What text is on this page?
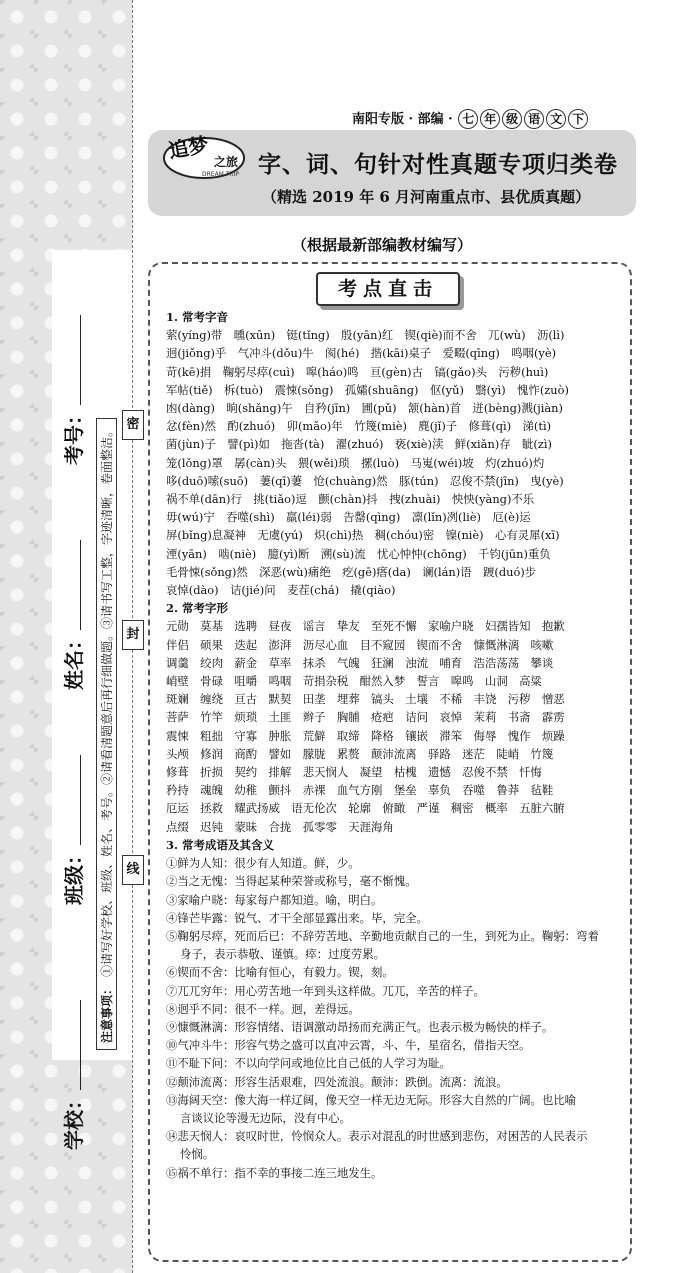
考号：
姓名：
班级：
学校：
注意事项：①请写好学校、班级、姓名、考号。②请看清题意后再行细做题。③请书写工整，字迹清晰，卷面整洁。
密
封
线
南阳专版 · 部编 · 七 年 级 语 文 下
追梦 之旅
DREAM TRIP 字、词、句针对性真题专项归类卷
（精选 2019 年 6 月河南重点市、县优质真题）
（根据最新部编教材编写）
考点直击
1. 常考字音
萦(yíng)带　曛(xūn)　铤(tǐng)　殷(yān)红　锲(qiè)而不舍　兀(wù)　沥(lì)
迥(jiǒng)乎　气冲斗(dǒu)牛　阂(hé)　揩(kāi)桌子　爱畷(qīng)　鸣咽(yè)
苛(kē)捐　鞠躬尽瘁(cuì)　嗥(háo)鸣　亘(gèn)古　镐(gǎo)头　污秽(huì)
军帖(tiě)　柝(tuò)　震悚(sǒng)　孤孀(shuāng)　伛(yǔ)　翳(yì)　愧怍(zuò)
凼(dàng)　晌(shǎng)午　自矜(jīn)　圃(pǔ)　颔(hàn)首　迸(bèng)溅(jiàn)
忿(fèn)然　酌(zhuó)　卯(mǎo)年　竹篾(miè)　麂(jǐ)子　修葺(qì)　涕(tì)
菌(jùn)子　譬(pì)如　拖沓(tà)　濯(zhuó)　亵(xiè)渎　鲜(xiǎn)存　眦(zì)
笼(lǒng)罩　孱(càn)头　猥(wěi)琐　摞(luò)　马嵬(wéi)坡　灼(zhuó)灼
哆(duō)嗦(suō)　萋(qī)萋　怆(chuàng)然　豚(tún)　忍俊不禁(jīn)　曳(yè)
祸不单(dān)行　挑(tiǎo)逗　颤(chàn)抖　拽(zhuài)　怏怏(yàng)不乐
毋(wú)宁　吞噬(shì)　羸(léi)弱　告罄(qìng)　凛(lǐn)冽(liè)　厄(è)运
屏(bǐng)息凝神　无虞(yú)　炽(chì)热　稠(chóu)密　镍(niè)　心有灵犀(xī)
湮(yān)　啮(niè)　臆(yì)断　溯(sù)流　忧心忡忡(chōng)　千钧(jūn)重负
毛骨悚(sǒng)然　深恶(wù)痛绝　疙(gē)瘩(da)　谰(lán)语　踱(duó)步
哀悼(dào)　诘(jié)问　麦茬(chá)　撬(qiào)
2. 常考字形
元勋　莫基　选聘　昼夜　谣言　挚友　至死不懈　家喻户晓　妇孺皆知　抱歉
伴侣　硕果　迭起　澎湃　沥尽心血　目不窥园　锲而不舍　慷慨淋漓　咳嗽
调羹　绞肉　薪金　草率　抹杀　气魄　狂澜　浊流　哺育　浩浩荡荡　攀谈
峭壁　骨碌　咀嚼　鸣咽　苛捐杂税　酣然入梦　誓言　嗥鸣　山洞　高粱
斑斓　缠绕　亘古　默契　田垄　埋葬　镐头　土壤　不稀　丰饶　污秽　憎恶
菩萨　竹竿　烦琐　土匪　辫子　胸脯　疮疤　诘问　哀悼　茉莉　书斋　霹雳
震悚　粗拙　守寡　肿胀　荒僻　取缔　降格　镶嵌　滞笨　侮辱　愧作　烦躁
头颅　修润　商酌　譬如　朦胧　累赘　颠沛流离　驿路　迷茫　陡峭　竹篾
修葺　折损　契约　排解　悲天悯人　凝望　枯槐　遗憾　忍俊不禁　忏悔
矜持　魂魄　幼稚　颤抖　赤裸　血气方刚　堡垒　辜负　吞噬　鲁莽　毡鞋
厄运　拯救　耀武扬威　语无伦次　轮廓　俯瞰　严谨　稠密　概率　五脏六腑
点缀　迟钝　蒙昧　合拢　孤零零　天涯海角
3. 常考成语及其含义
①鲜为人知：很少有人知道。鲜，少。
②当之无愧：当得起某种荣誉或称号，毫不惭愧。
③家喻户晓：每家每户都知道。喻，明白。
④锋芒毕露：锐气、才干全部显露出来。毕，完全。
⑤鞠躬尽瘁，死而后已：不辞劳苦地、辛勤地贡献自己的一生，到死为止。鞠躬：弯着
身子，表示恭敬、谨慎。瘁：过度劳累。
⑥锲而不舍：比喻有恒心，有毅力。锲，刻。
⑦兀兀穷年：用心劳苦地一年到头这样做。兀兀，辛苦的样子。
⑧迥乎不同：很不一样。迥，差得远。
⑨慷慨淋漓：形容情绪、语调激动昂扬而充满正气。也表示极为畅快的样子。
⑩气冲斗牛：形容气势之盛可以直冲云霄，斗、牛，星宿名，借指天空。
⑪不耻下问：不以向学问或地位比自己低的人学习为耻。
⑫颠沛流离：形容生活艰难，四处流浪。颠沛：跌倒。流离：流浪。
⑬海阔天空：像大海一样辽阔，像天空一样无边无际。形容大自然的广阔。也比喻
言谈议论等漫无边际，没有中心。
⑭悲天悯人：哀叹时世，怜悯众人。表示对混乱的时世感到悲伤，对困苦的人民表示
怜悯。
⑮祸不单行：指不幸的事接二连三地发生。
